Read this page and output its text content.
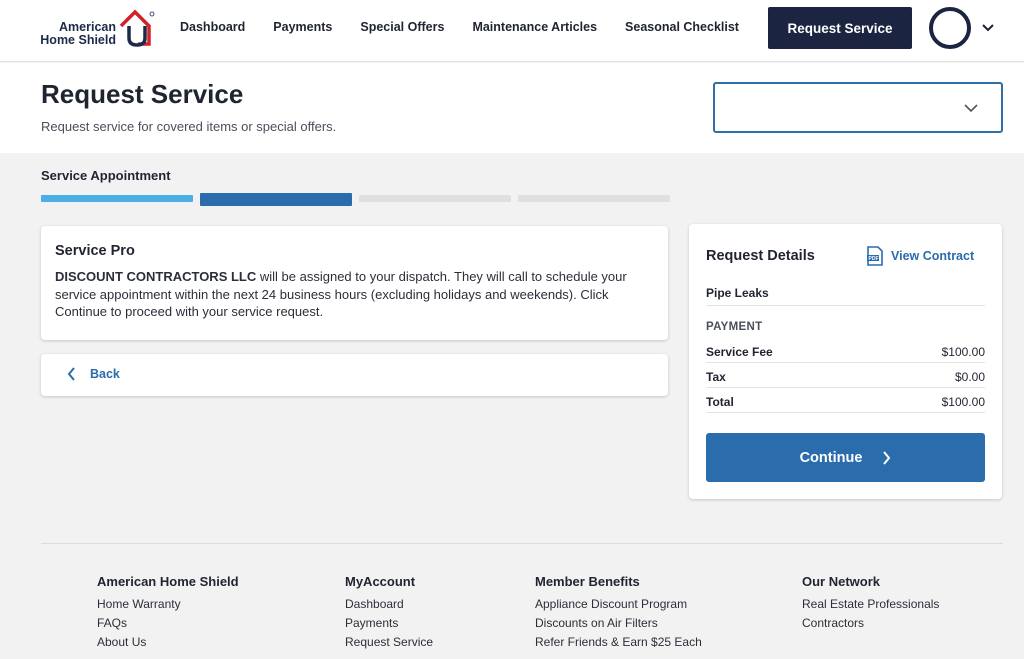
American
Home Shield
Dashboard Payments Special Offers Maintenance Articles Seasonal Checklist	Request Service
Request Service
Request service for covered items or special offers.
Service Appointment
Service Pro

DISCOUNT CONTRACTORS LLC will be assigned to your dispatch. They will call to schedule your service appointment within the next 24 business hours (excluding holidays and weekends). Click Continue to proceed with your service request.

Back
Request Details	PDF View Contract
Pipe Leaks
PAYMENT
Service Fee	$100.00
Tax	$0.00
Total	$100.00
Continue
American Home Shield
Home Warranty
FAQs
About Us
MyAccount
Dashboard
Payments
Request Service
Member Benefits
Appliance Discount Program
Discounts on Air Filters
Refer Friends & Earn $25 Each
Our Network
Real Estate Professionals
Contractors
